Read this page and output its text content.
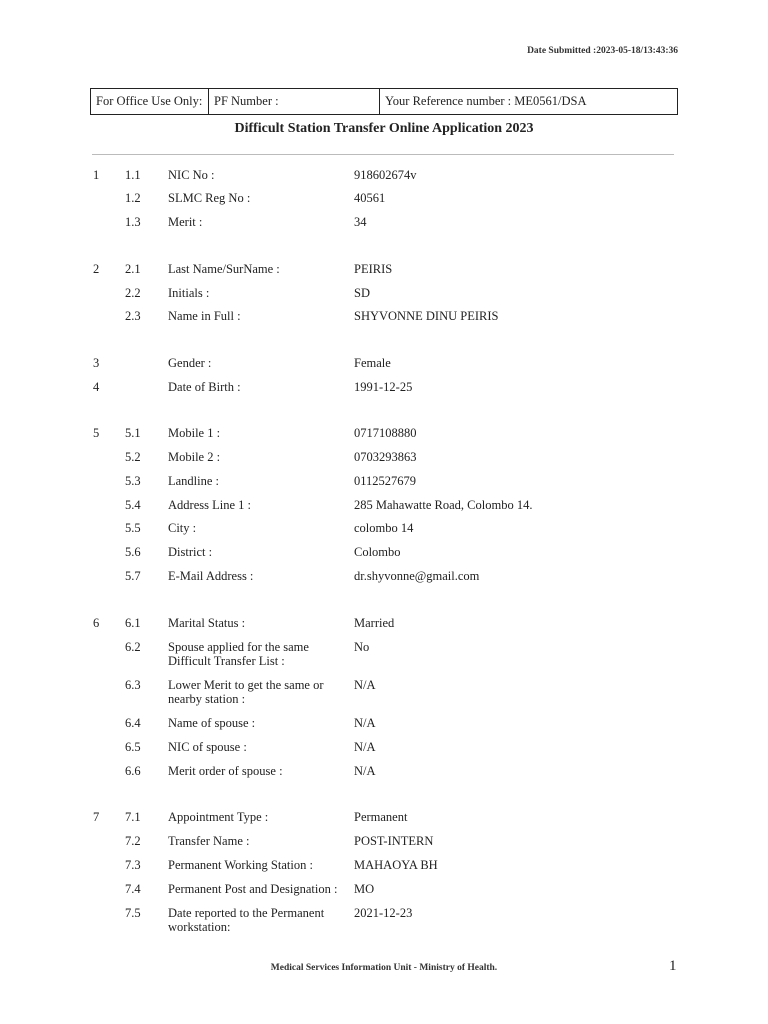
Date Submitted :2023-05-18/13:43:36
For Office Use Only: PF Number :	Your Reference number : ME0561/DSA
Difficult Station Transfer Online Application 2023
1 1.1 NIC No :	918602674v
1.2 SLMC Reg No :	40561
1.3 Merit :	34
2 2.1 Last Name/SurName :	PEIRIS
2.2 Initials :	SD
2.3 Name in Full :	SHYVONNE DINU PEIRIS
3	Gender :	Female
4	Date of Birth :	1991-12-25
5 5.1 Mobile 1 :	0717108880
5.2 Mobile 2 :	0703293863
5.3 Landline :	0112527679
5.4 Address Line 1 :	285 Mahawatte Road, Colombo 14.
5.5 City :	colombo 14
5.6 District :	Colombo
5.7 E-Mail Address :	dr.shyvonne@gmail.com
6 6.1 Marital Status :	Married
6.2 Spouse applied for the same Difficult Transfer List :
No
6.3 Lower Merit to get the same or nearby station :
N/A
6.4 Name of spouse :	N/A
6.5 NIC of spouse :	N/A
6.6 Merit order of spouse :	N/A
7 7.1 Appointment Type :	Permanent
7.2 Transfer Name :	POST-INTERN
7.3 Permanent Working Station :	MAHAOYA BH
7.4 Permanent Post and Designation :	MO
7.5 Date reported to the Permanent workstation:
2021-12-23
Medical Services Information Unit - Ministry of Health.	1
